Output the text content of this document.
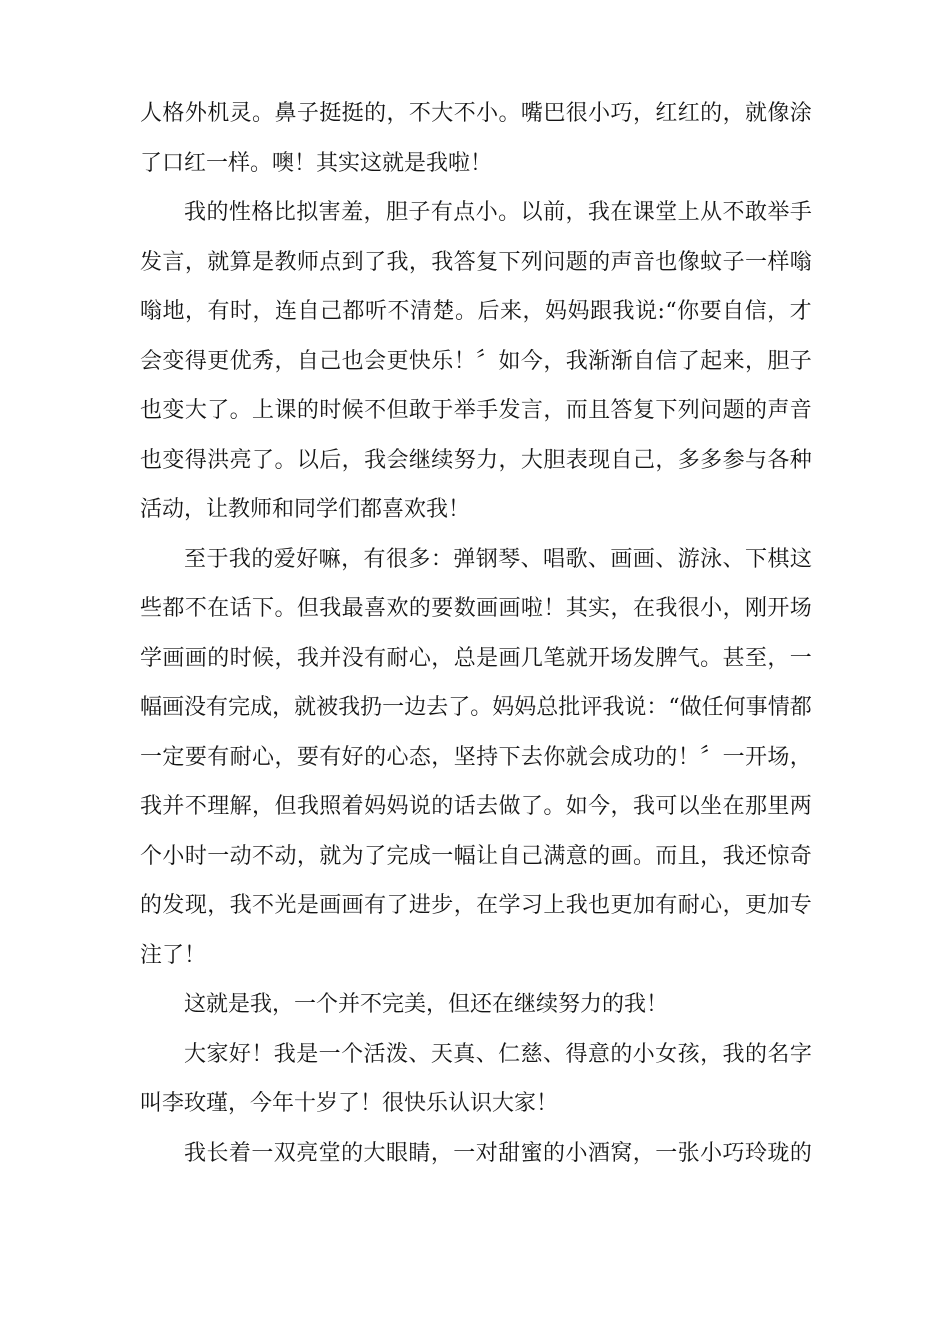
人 格 外 机 灵 。 鼻 子 挺 挺 的 ， 不 大 不 小 。 嘴 巴 很 小 巧 ， 红 红 的 ， 就 像 涂
了口红一样。噢！其实这就是我啦！
我 的 性 格 比 拟 害 羞 ， 胆 子 有 点 小 。 以 前 ， 我 在 课 堂 上 从 不 敢 举 手
发 言 ， 就 算 是 教 师 点 到 了 我 ， 我 答 复 下 列 问 题 的 声 音 也 像 蚊 子 一 样 嗡
嗡 地 ， 有 时 ， 连 自 己 都 听 不 清 楚 。 后 来 ， 妈 妈 跟 我 说 : “ 你 要 自 信 ， 才
会 变 得 更 优 秀 ， 自 己 也 会 更 快 乐 ！ 〞 如 今 ， 我 渐 渐 自 信 了 起 来 ， 胆 子
也 变 大 了 。 上 课 的 时 候 不 但 敢 于 举 手 发 言 ， 而 且 答 复 下 列 问 题 的 声 音
也 变 得 洪 亮 了 。 以 后 ， 我 会 继 续 努 力 ， 大 胆 表 现 自 己 ， 多 多 参 与 各 种
活动，让教师和同学们都喜欢我！
至 于 我 的 爱 好 嘛 ， 有 很 多 ： 弹 钢 琴 、 唱 歌 、 画 画 、 游 泳 、 下 棋 这
些 都 不 在 话 下 。 但 我 最 喜 欢 的 要 数 画 画 啦 ！ 其 实 ， 在 我 很 小 ， 刚 开 场
学 画 画 的 时 候 ， 我 并 没 有 耐 心 ， 总 是 画 几 笔 就 开 场 发 脾 气 。 甚 至 ， 一
幅 画 没 有 完 成 ， 就 被 我 扔 一 边 去 了 。 妈 妈 总 批 评 我 说 ： “ 做 任 何 事 情 都
一 定 要 有 耐 心 ， 要 有 好 的 心 态 ， 坚 持 下 去 你 就 会 成 功 的 ！ 〞 一 开 场 ，
我 并 不 理 解 ， 但 我 照 着 妈 妈 说 的 话 去 做 了 。 如 今 ， 我 可 以 坐 在 那 里 两
个 小 时 一 动 不 动 ， 就 为 了 完 成 一 幅 让 自 己 满 意 的 画 。 而 且 ， 我 还 惊 奇
的 发 现 ， 我 不 光 是 画 画 有 了 进 步 ， 在 学 习 上 我 也 更 加 有 耐 心 ， 更 加 专
注了！
这就是我，一个并不完美，但还在继续努力的我！
大 家 好 ！ 我 是 一 个 活 泼 、 天 真 、 仁 慈 、 得 意 的 小 女 孩 ， 我 的 名 字
叫李玫瑾，今年十岁了！很快乐认识大家！
我 长 着 一 双 亮 堂 的 大 眼 睛 ， 一 对 甜 蜜 的 小 酒 窝 ， 一 张 小 巧 玲 珑 的
